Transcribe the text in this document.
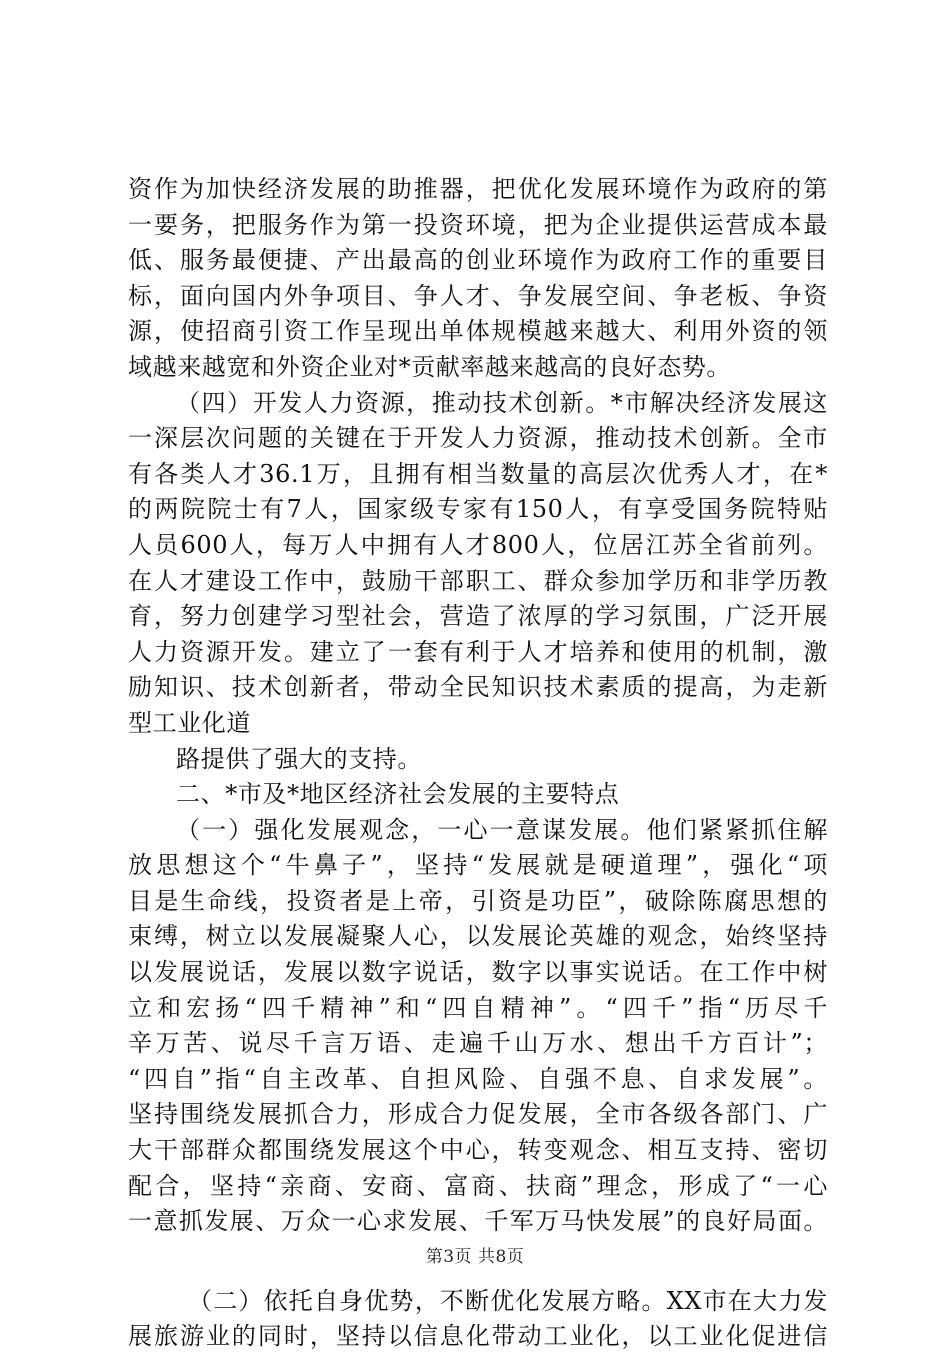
资作为加快经济发展的助推器，把优化发展环境作为政府的第
一要务，把服务作为第一投资环境，把为企业提供运营成本最
低、服务最便捷、产出最高的创业环境作为政府工作的重要目
标，面向国内外争项目、争人才、争发展空间、争老板、争资
源，使招商引资工作呈现出单体规模越来越大、利用外资的领
域越来越宽和外资企业对*贡献率越来越高的良好态势。
（四）开发人力资源，推动技术创新。*市解决经济发展这
一深层次问题的关键在于开发人力资源，推动技术创新。全市
有各类人才36.1万，且拥有相当数量的高层次优秀人才，在*
的两院院士有7人，国家级专家有150人，有享受国务院特贴
人员600人，每万人中拥有人才800人，位居江苏全省前列。
在人才建设工作中，鼓励干部职工、群众参加学历和非学历教
育，努力创建学习型社会，营造了浓厚的学习氛围，广泛开展
人力资源开发。建立了一套有利于人才培养和使用的机制，激
励知识、技术创新者，带动全民知识技术素质的提高，为走新
型工业化道
路提供了强大的支持。
二、*市及*地区经济社会发展的主要特点
（一）强化发展观念，一心一意谋发展。他们紧紧抓住解
放思想这个“牛鼻子”，坚持“发展就是硬道理”，强化“项
目是生命线，投资者是上帝，引资是功臣”，破除陈腐思想的
束缚，树立以发展凝聚人心，以发展论英雄的观念，始终坚持
以发展说话，发展以数字说话，数字以事实说话。在工作中树
立和宏扬“四千精神”和“四自精神”。“四千”指“历尽千
辛万苦、说尽千言万语、走遍千山万水、想出千方百计”；
“四自”指“自主改革、自担风险、自强不息、自求发展”。
坚持围绕发展抓合力，形成合力促发展，全市各级各部门、广
大干部群众都围绕发展这个中心，转变观念、相互支持、密切
配合，坚持“亲商、安商、富商、扶商”理念，形成了“一心
一意抓发展、万众一心求发展、千军万马快发展”的良好局面。
（二）依托自身优势，不断优化发展方略。XX市在大力发
展旅游业的同时，坚持以信息化带动工业化，以工业化促进信
第3页 共8页
